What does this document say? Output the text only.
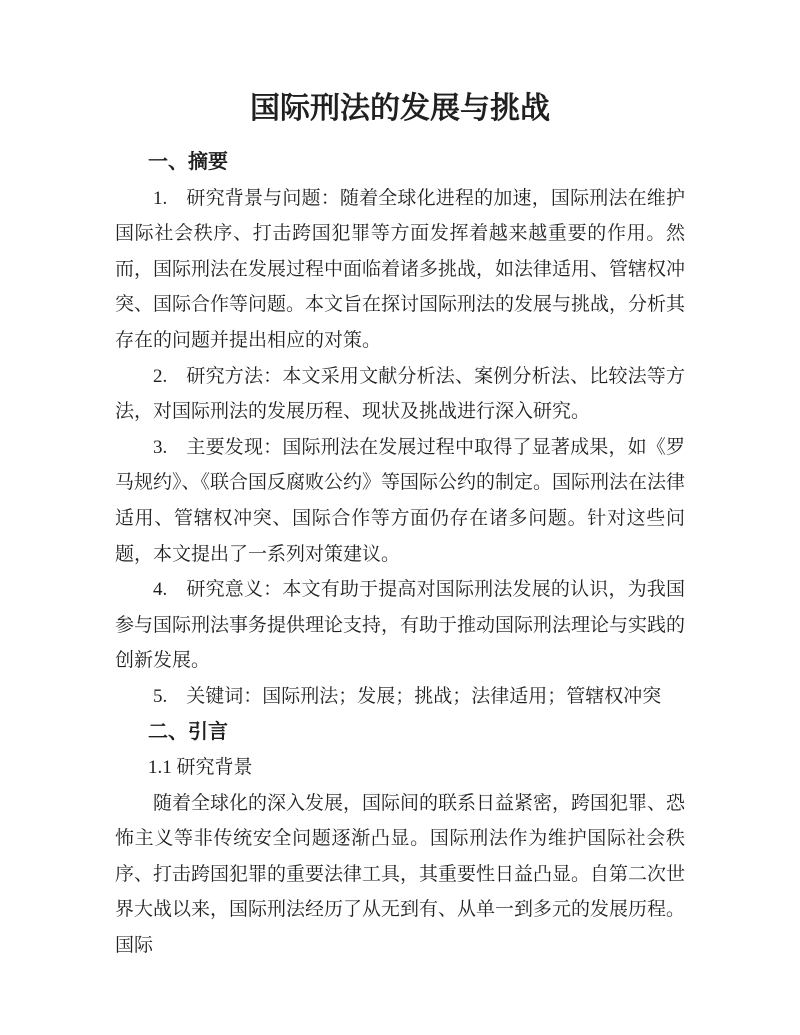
国际刑法的发展与挑战
一、摘要
1. 研究背景与问题：随着全球化进程的加速，国际刑法在维护国际社会秩序、打击跨国犯罪等方面发挥着越来越重要的作用。然而，国际刑法在发展过程中面临着诸多挑战，如法律适用、管辖权冲突、国际合作等问题。本文旨在探讨国际刑法的发展与挑战，分析其存在的问题并提出相应的对策。
2. 研究方法：本文采用文献分析法、案例分析法、比较法等方法，对国际刑法的发展历程、现状及挑战进行深入研究。
3. 主要发现：国际刑法在发展过程中取得了显著成果，如《罗马规约》、《联合国反腐败公约》等国际公约的制定。国际刑法在法律适用、管辖权冲突、国际合作等方面仍存在诸多问题。针对这些问题，本文提出了一系列对策建议。
4. 研究意义：本文有助于提高对国际刑法发展的认识，为我国参与国际刑法事务提供理论支持，有助于推动国际刑法理论与实践的创新发展。
5. 关键词：国际刑法；发展；挑战；法律适用；管辖权冲突
二、引言
1.1 研究背景
随着全球化的深入发展，国际间的联系日益紧密，跨国犯罪、恐怖主义等非传统安全问题逐渐凸显。国际刑法作为维护国际社会秩序、打击跨国犯罪的重要法律工具，其重要性日益凸显。自第二次世界大战以来，国际刑法经历了从无到有、从单一到多元的发展历程。国际
